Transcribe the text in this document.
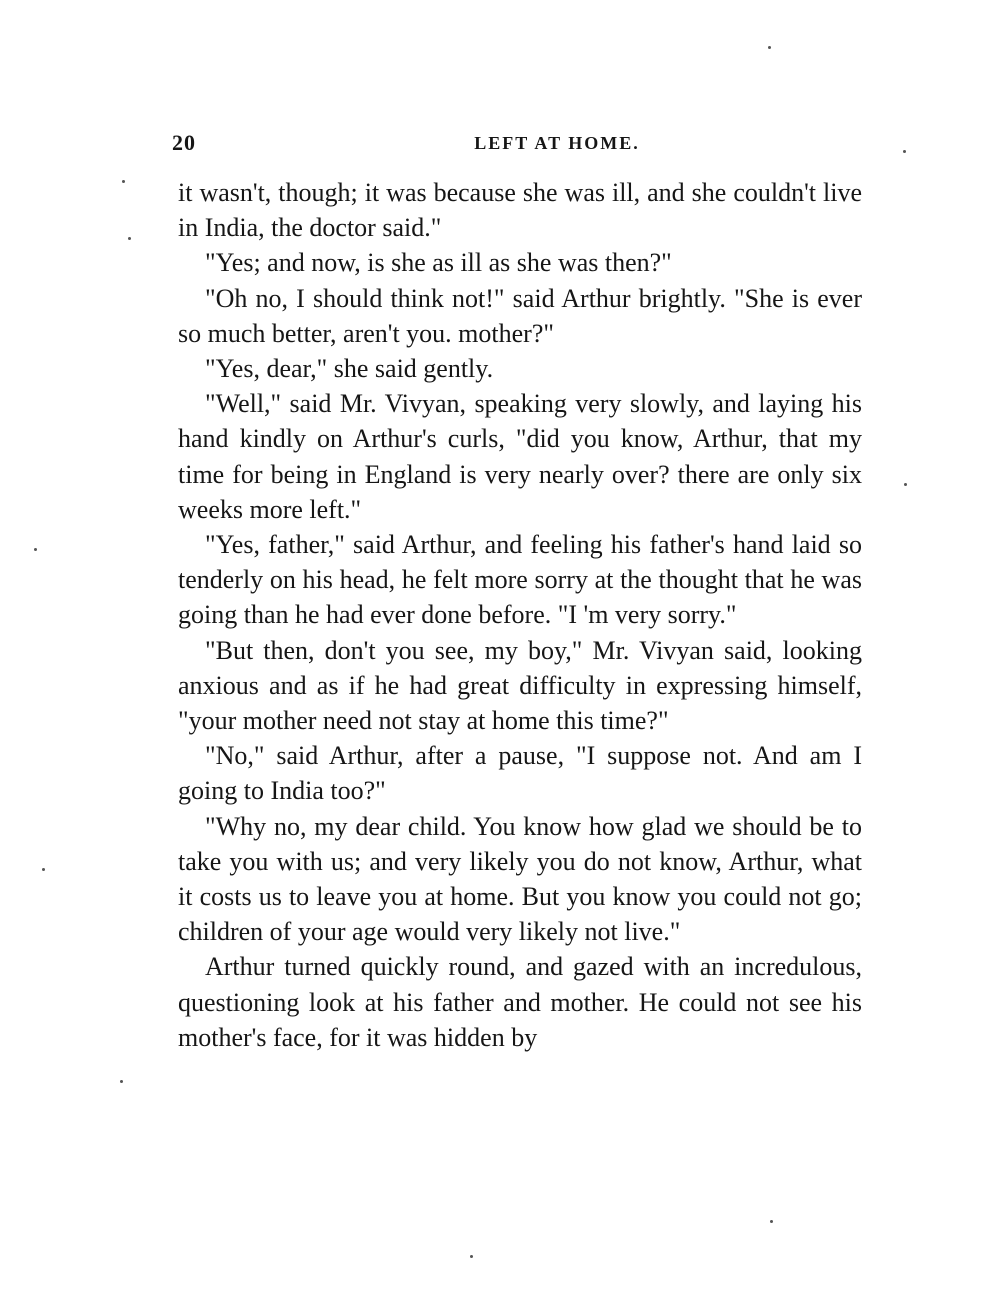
20	LEFT AT HOME.

it wasn't, though; it was because she was ill, and she couldn't live in India, the doctor said."

"Yes; and now, is she as ill as she was then?"

"Oh no, I should think not!" said Arthur brightly. "She is ever so much better, aren't you. mother?"

"Yes, dear," she said gently.

"Well," said Mr. Vivyan, speaking very slowly, and laying his hand kindly on Arthur's curls, "did you know, Arthur, that my time for being in England is very nearly over? there are only six weeks more left."

"Yes, father," said Arthur, and feeling his father's hand laid so tenderly on his head, he felt more sorry at the thought that he was going than he had ever done before. "I 'm very sorry."

"But then, don't you see, my boy," Mr. Vivyan said, looking anxious and as if he had great difficulty in expressing himself, "your mother need not stay at home this time?"

"No," said Arthur, after a pause, "I suppose not. And am I going to India too?"

"Why no, my dear child. You know how glad we should be to take you with us; and very likely you do not know, Arthur, what it costs us to leave you at home. But you know you could not go; children of your age would very likely not live."

Arthur turned quickly round, and gazed with an incredulous, questioning look at his father and mother. He could not see his mother's face, for it was hidden by
